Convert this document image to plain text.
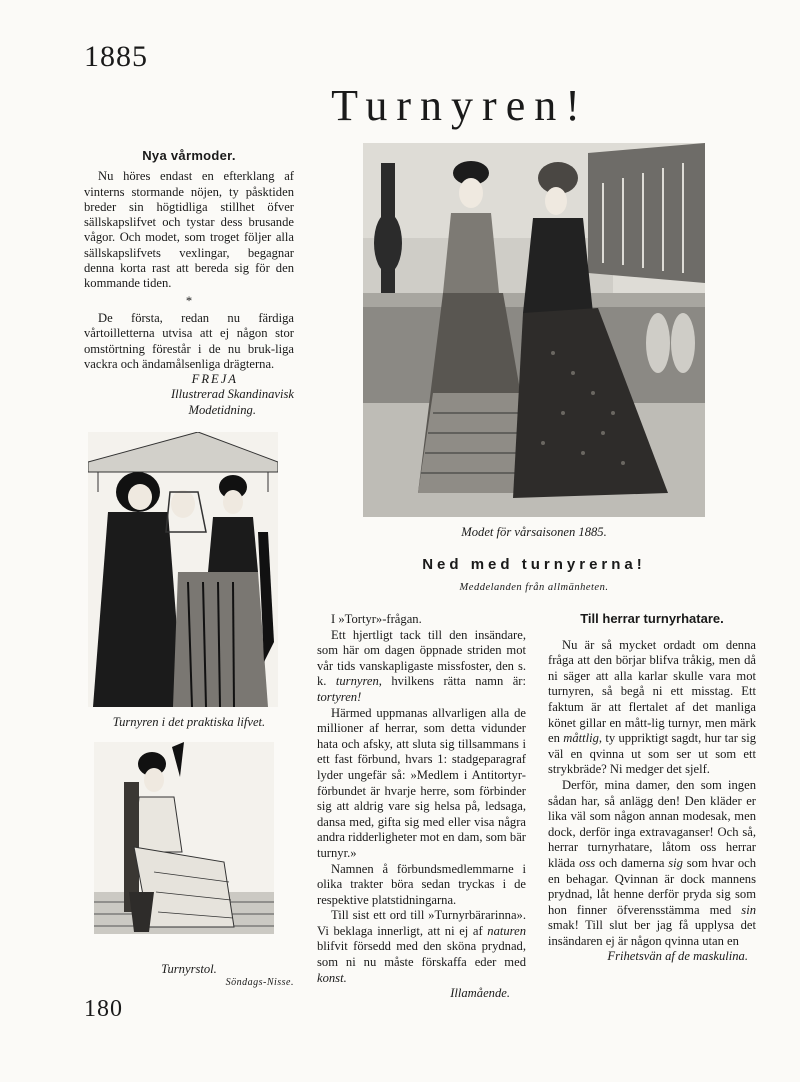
1885
Turnyren!
Nya vårmoder.

Nu höres endast en efterklang af vinterns stormande nöjen, ty påsktiden breder sin högtidliga stillhet öfver sällskapslifvet och tystar dess brusande vågor. Och modet, som troget följer alla sällskapslifvets vexlingar, begagnar denna korta rast att bereda sig för den kommande tiden.

*

De första, redan nu färdiga vårtoilletterna utvisa att ej någon stor omstörtning förestår i de nu bruk-liga vackra och ändamålsenliga drägterna.

FREJA
Illustrerad Skandinavisk
Modetidning.
Modet för vårsaisonen 1885.
Ned med turnyrerna!
Meddelanden från allmänheten.

I »Tortyr»-frågan.

Ett hjertligt tack till den insändare, som här om dagen öppnade striden mot vår tids vanskapligaste missfoster, den s. k. turnyren, hvilkens rätta namn är: tortyren!

Härmed uppmanas allvarligen alla de millioner af herrar, som detta vidunder hata och afsky, att sluta sig tillsammans i ett fast förbund, hvars 1: stadgeparagraf lyder ungefär så: »Medlem i Antitortyr-förbundet är hvarje herre, som förbinder sig att aldrig vare sig helsa på, ledsaga, dansa med, gifta sig med eller visa några andra ridderligheter mot en dam, som bär turnyr.»

Namnen å förbundsmedlemmarne i olika trakter böra sedan tryckas i de respektive platstidningarna.

Till sist ett ord till »Turnyrbärarinna». Vi beklaga innerligt, att ni ej af naturen blifvit försedd med den sköna prydnad, som ni nu måste förskaffa eder med konst.

Illamående.
Till herrar turnyrhatare.

Nu är så mycket ordadt om denna fråga att den börjar blifva tråkig, men då ni säger att alla karlar skulle vara mot turnyren, så begå ni ett misstag. Ett faktum är att flertalet af det manliga könet gillar en mått-lig turnyr, men märk en måttlig, ty uppriktigt sagdt, hur tar sig väl en qvinna ut som ser ut som ett strykbräde? Ni medger det sjelf.

Derför, mina damer, den som ingen sådan har, så anlägg den! Den kläder er lika väl som någon annan modesak, men dock, derför inga extravaganser! Och så, herrar turnyrhatare, låtom oss herrar kläda oss och damerna sig som hvar och en behagar. Qvinnan är dock mannens prydnad, låt henne derför pryda sig som hon finner öfverensstämma med sin smak! Till slut ber jag få upplysa det insändaren ej är någon qvinna utan en

Frihetsvän af de maskulina.
Turnyren i det praktiska lifvet.
Turnyrstol.
Söndags-Nisse.
180
